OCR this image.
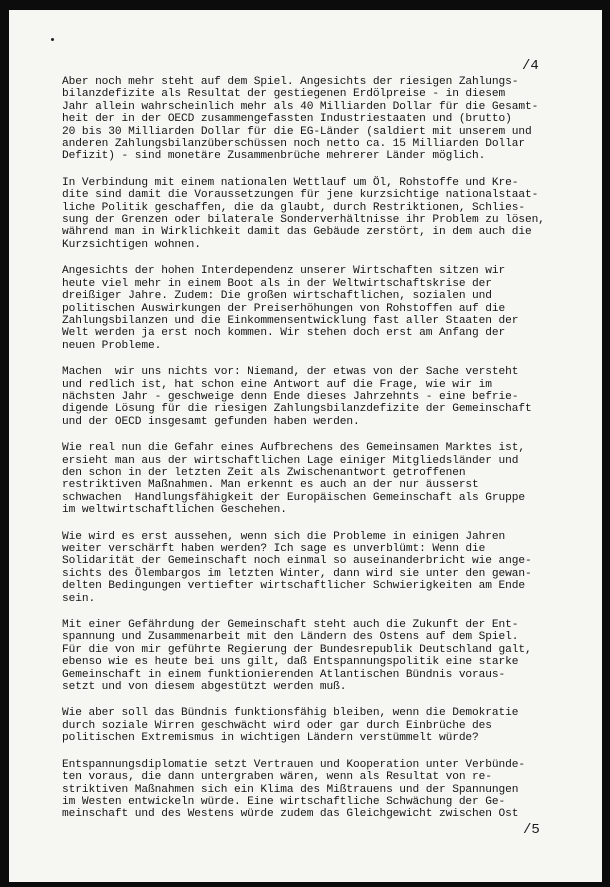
/4

Aber noch mehr steht auf dem Spiel. Angesichts der riesigen Zahlungs-
bilanzdefizite als Resultat der gestiegenen Erdölpreise - in diesem
Jahr allein wahrscheinlich mehr als 40 Milliarden Dollar für die Gesamt-
heit der in der OECD zusammengefassten Industriestaaten und (brutto)
20 bis 30 Milliarden Dollar für die EG-Länder (saldiert mit unserem und
anderen Zahlungsbilanzüberschüssen noch netto ca. 15 Milliarden Dollar
Defizit) - sind monetäre Zusammenbrüche mehrerer Länder möglich.

In Verbindung mit einem nationalen Wettlauf um Öl, Rohstoffe und Kre-
dite sind damit die Voraussetzungen für jene kurzsichtige nationalstaat-
liche Politik geschaffen, die da glaubt, durch Restriktionen, Schlies-
sung der Grenzen oder bilaterale Sonderverhältnisse ihr Problem zu lösen,
während man in Wirklichkeit damit das Gebäude zerstört, in dem auch die
Kurzsichtigen wohnen.

Angesichts der hohen Interdependenz unserer Wirtschaften sitzen wir
heute viel mehr in einem Boot als in der Weltwirtschaftskrise der
dreißiger Jahre. Zudem: Die großen wirtschaftlichen, sozialen und
politischen Auswirkungen der Preiserhöhungen von Rohstoffen auf die
Zahlungsbilanzen und die Einkommensentwicklung fast aller Staaten der
Welt werden ja erst noch kommen. Wir stehen doch erst am Anfang der
neuen Probleme.

Machen  wir uns nichts vor: Niemand, der etwas von der Sache versteht
und redlich ist, hat schon eine Antwort auf die Frage, wie wir im
nächsten Jahr - geschweige denn Ende dieses Jahrzehnts - eine befrie-
digende Lösung für die riesigen Zahlungsbilanzdefizite der Gemeinschaft
und der OECD insgesamt gefunden haben werden.

Wie real nun die Gefahr eines Aufbrechens des Gemeinsamen Marktes ist,
ersieht man aus der wirtschaftlichen Lage einiger Mitgliedsländer und
den schon in der letzten Zeit als Zwischenantwort getroffenen
restriktiven Maßnahmen. Man erkennt es auch an der nur äusserst
schwachen  Handlungsfähigkeit der Europäischen Gemeinschaft als Gruppe
im weltwirtschaftlichen Geschehen.

Wie wird es erst aussehen, wenn sich die Probleme in einigen Jahren
weiter verschärft haben werden? Ich sage es unverblümt: Wenn die
Solidarität der Gemeinschaft noch einmal so auseinanderbricht wie ange-
sichts des Ölembargos im letzten Winter, dann wird sie unter den gewan-
delten Bedingungen vertiefter wirtschaftlicher Schwierigkeiten am Ende
sein.

Mit einer Gefährdung der Gemeinschaft steht auch die Zukunft der Ent-
spannung und Zusammenarbeit mit den Ländern des Ostens auf dem Spiel.
Für die von mir geführte Regierung der Bundesrepublik Deutschland galt,
ebenso wie es heute bei uns gilt, daß Entspannungspolitik eine starke
Gemeinschaft in einem funktionierenden Atlantischen Bündnis voraus-
setzt und von diesem abgestützt werden muß.

Wie aber soll das Bündnis funktionsfähig bleiben, wenn die Demokratie
durch soziale Wirren geschwächt wird oder gar durch Einbrüche des
politischen Extremismus in wichtigen Ländern verstümmelt würde?

Entspannungsdiplomatie setzt Vertrauen und Kooperation unter Verbünde-
ten voraus, die dann untergraben wären, wenn als Resultat von re-
striktiven Maßnahmen sich ein Klima des Mißtrauens und der Spannungen
im Westen entwickeln würde. Eine wirtschaftliche Schwächung der Ge-
meinschaft und des Westens würde zudem das Gleichgewicht zwischen Ost

/5
